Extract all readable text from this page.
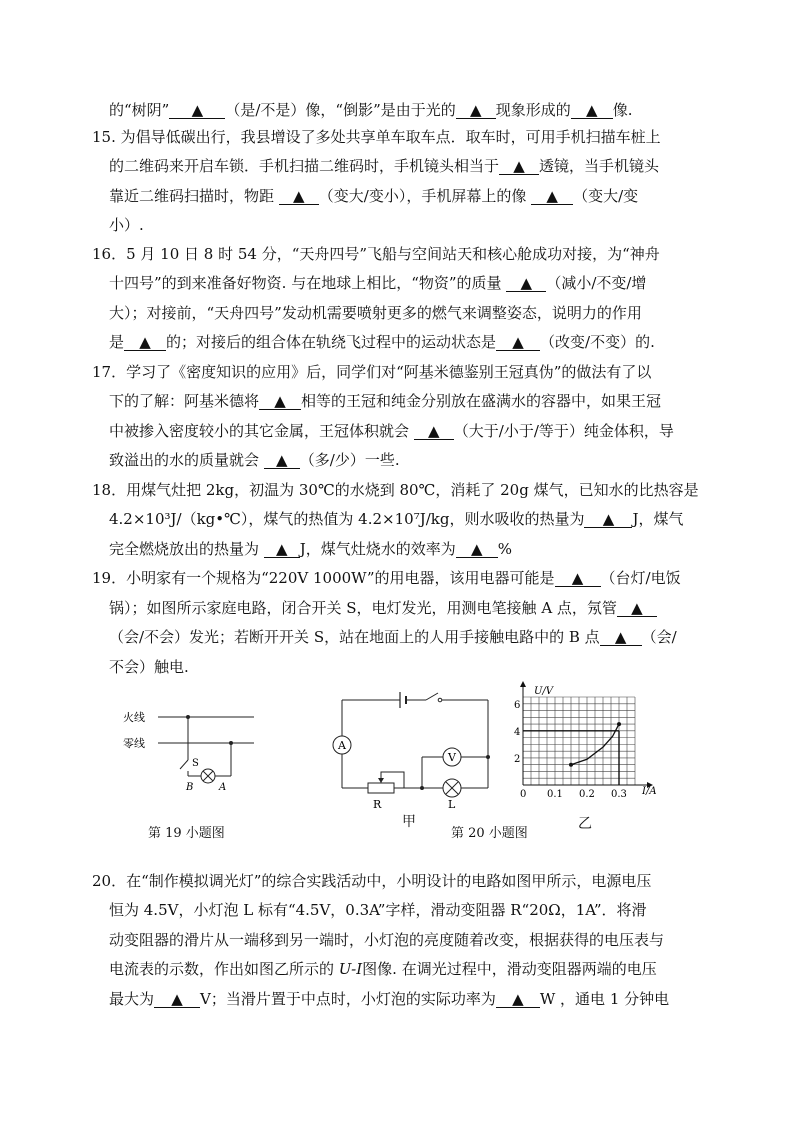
的“树阴” ▲ （是/不是）像，“倒影”是由于光的 ▲ 现象形成的 ▲ 像.
15. 为倡导低碳出行，我县增设了多处共享单车取车点．取车时，可用手机扫描车桩上
的二维码来开启车锁．手机扫描二维码时，手机镜头相当于 ▲ 透镜，当手机镜头
靠近二维码扫描时，物距 ▲ （变大/变小），手机屏幕上的像 ▲ （变大/变
小）.
16．5 月 10 日 8 时 54 分，“天舟四号”飞船与空间站天和核心舱成功对接，为“神舟
十四号”的到来准备好物资. 与在地球上相比，“物资”的质量 ▲ （减小/不变/增
大）；对接前，“天舟四号”发动机需要喷射更多的燃气来调整姿态，说明力的作用
是 ▲ 的；对接后的组合体在轨绕飞过程中的运动状态是 ▲ （改变/不变）的.
17．学习了《密度知识的应用》后，同学们对“阿基米德鉴别王冠真伪”的做法有了以
下的了解：阿基米德将 ▲ 相等的王冠和纯金分别放在盛满水的容器中，如果王冠
中被掺入密度较小的其它金属，王冠体积就会 ▲ （大于/小于/等于）纯金体积，导
致溢出的水的质量就会 ▲ （多/少）一些.
18．用煤气灶把 2kg，初温为 30℃的水烧到 80℃，消耗了 20g 煤气，已知水的比热容是
4.2×10³J/（kg•℃），煤气的热值为 4.2×10⁷J/kg，则水吸收的热量为 ▲ J，煤气
完全燃烧放出的热量为 ▲ J，煤气灶烧水的效率为 ▲ %
19．小明家有一个规格为“220V 1000W”的用电器，该用电器可能是 ▲ （台灯/电饭
锅）；如图所示家庭电路，闭合开关 S，电灯发光，用测电笔接触 A 点，氖管 ▲
（会/不会）发光；若断开开关 S，站在地面上的人用手接触电路中的 B 点 ▲ （会/
不会）触电.
火线
零线
S
B	A
第 19 小题图
A
V
R	L
甲
第 20 小题图
0 0.1 0.2 0.3
2
4
6
U/V
I/A
乙
20．在“制作模拟调光灯”的综合实践活动中，小明设计的电路如图甲所示，电源电压
恒为 4.5V，小灯泡 L 标有“4.5V，0.3A”字样，滑动变阻器 R“20Ω，1A”．将滑
动变阻器的滑片从一端移到另一端时，小灯泡的亮度随着改变，根据获得的电压表与
电流表的示数，作出如图乙所示的 U-I图像. 在调光过程中，滑动变阻器两端的电压
最大为 ▲ V；当滑片置于中点时，小灯泡的实际功率为 ▲ W ，通电 1 分钟电
